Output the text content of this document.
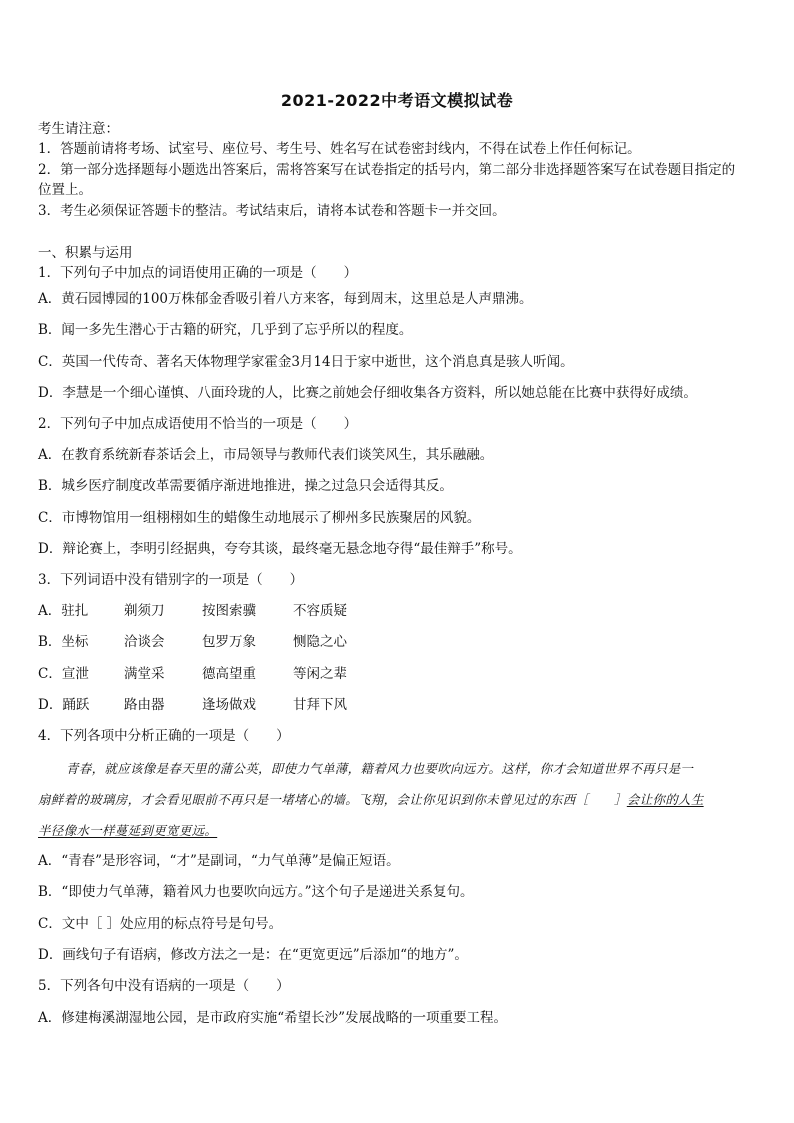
2021-2022中考语文模拟试卷
考生请注意：
1．答题前请将考场、试室号、座位号、考生号、姓名写在试卷密封线内，不得在试卷上作任何标记。
2．第一部分选择题每小题选出答案后，需将答案写在试卷指定的括号内，第二部分非选择题答案写在试卷题目指定的
位置上。
3．考生必须保证答题卡的整洁。考试结束后，请将本试卷和答题卡一并交回。
一、积累与运用
1．下列句子中加点的词语使用正确的一项是（　　）
A．黄石园博园的100万株郁金香吸引着八方来客，每到周末，这里总是人声鼎沸。
B．闻一多先生潜心于古籍的研究，几乎到了忘乎所以的程度。
C．英国一代传奇、著名天体物理学家霍金3月14日于家中逝世，这个消息真是骇人听闻。
D．李慧是一个细心谨慎、八面玲珑的人，比赛之前她会仔细收集各方资料，所以她总能在比赛中获得好成绩。
2．下列句子中加点成语使用不恰当的一项是（　　）
A．在教育系统新春茶话会上，市局领导与教师代表们谈笑风生，其乐融融。
B．城乡医疗制度改革需要循序渐进地推进，操之过急只会适得其反。
C．市博物馆用一组栩栩如生的蜡像生动地展示了柳州多民族聚居的风貌。
D．辩论赛上，李明引经据典，夸夸其谈，最终毫无悬念地夺得“最佳辩手”称号。
3．下列词语中没有错别字的一项是（　　）
A．驻扎	剃须刀	按图索骥	不容质疑
B．坐标	洽谈会	包罗万象	恻隐之心
C．宣泄	满堂采	德高望重	等闲之辈
D．踊跃	路由器	逢场做戏	甘拜下风
4．下列各项中分析正确的一项是（　　）
青春，就应该像是春天里的蒲公英，即使力气单薄，籍着风力也要吹向远方。这样，你才会知道世界不再只是一
扇鲜着的玻璃房，才会看见眼前不再只是一堵堵心的墙。飞翔，会让你见识到你未曾见过的东西［　　］会让你的人生
半径像水一样蔓延到更宽更远。
A．“青春”是形容词，“才”是副词，“力气单薄”是偏正短语。
B．“即使力气单薄，籍着风力也要吹向远方。”这个句子是递进关系复句。
C．文中［ ］处应用的标点符号是句号。
D．画线句子有语病，修改方法之一是：在“更宽更远”后添加“的地方”。
5．下列各句中没有语病的一项是（　　）
A．修建梅溪湖湿地公园，是市政府实施“希望长沙”发展战略的一项重要工程。
